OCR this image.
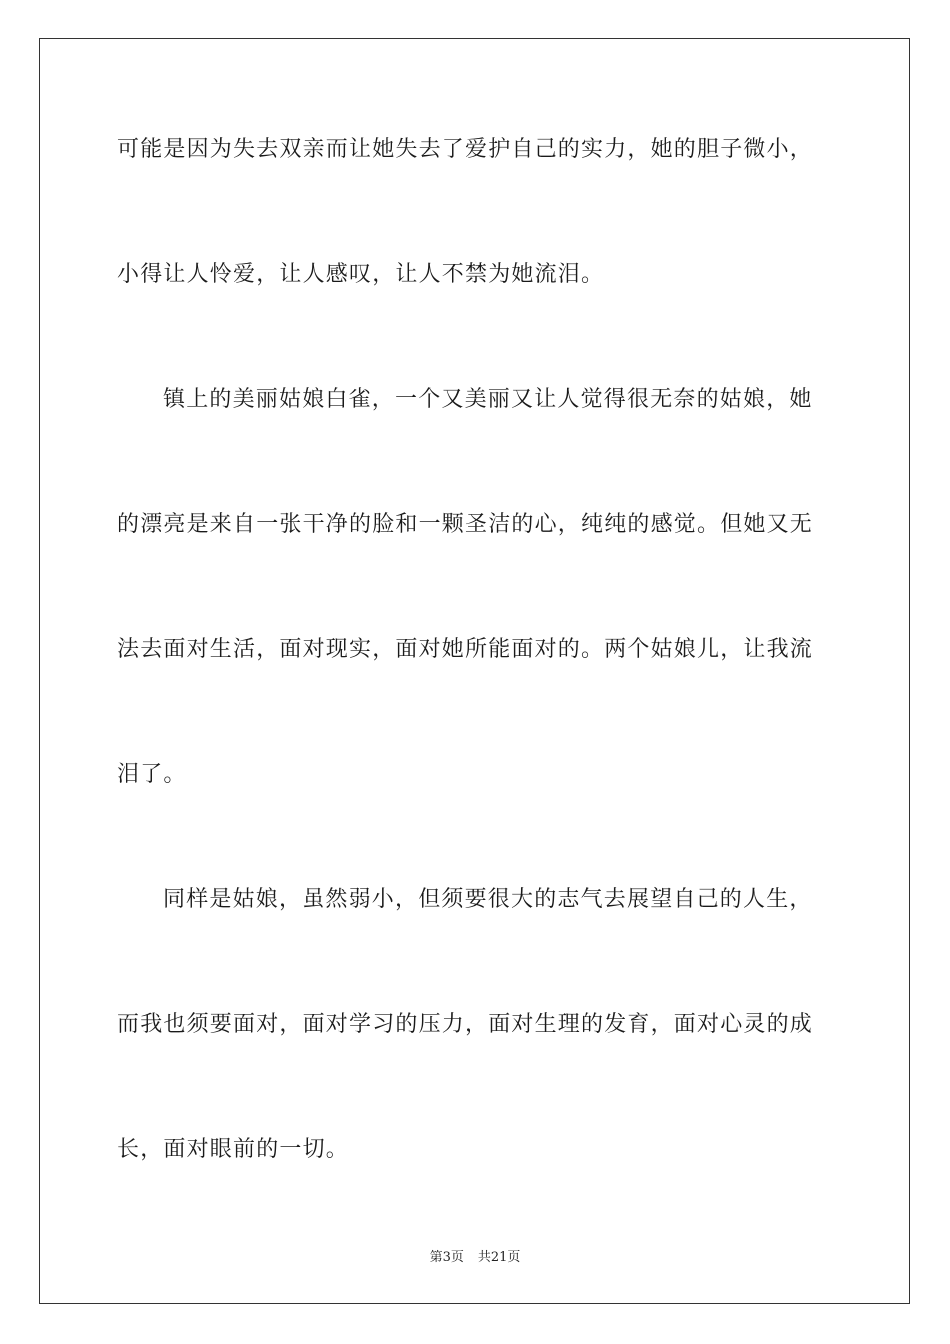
可能是因为失去双亲而让她失去了爱护自己的实力，她的胆子微小，
小得让人怜爱，让人感叹，让人不禁为她流泪。
镇上的美丽姑娘白雀，一个又美丽又让人觉得很无奈的姑娘，她
的漂亮是来自一张干净的脸和一颗圣洁的心，纯纯的感觉。但她又无
法去面对生活，面对现实，面对她所能面对的。两个姑娘儿，让我流
泪了。
同样是姑娘，虽然弱小，但须要很大的志气去展望自己的人生，
而我也须要面对，面对学习的压力，面对生理的发育，面对心灵的成
长，面对眼前的一切。
第3页 共21页
